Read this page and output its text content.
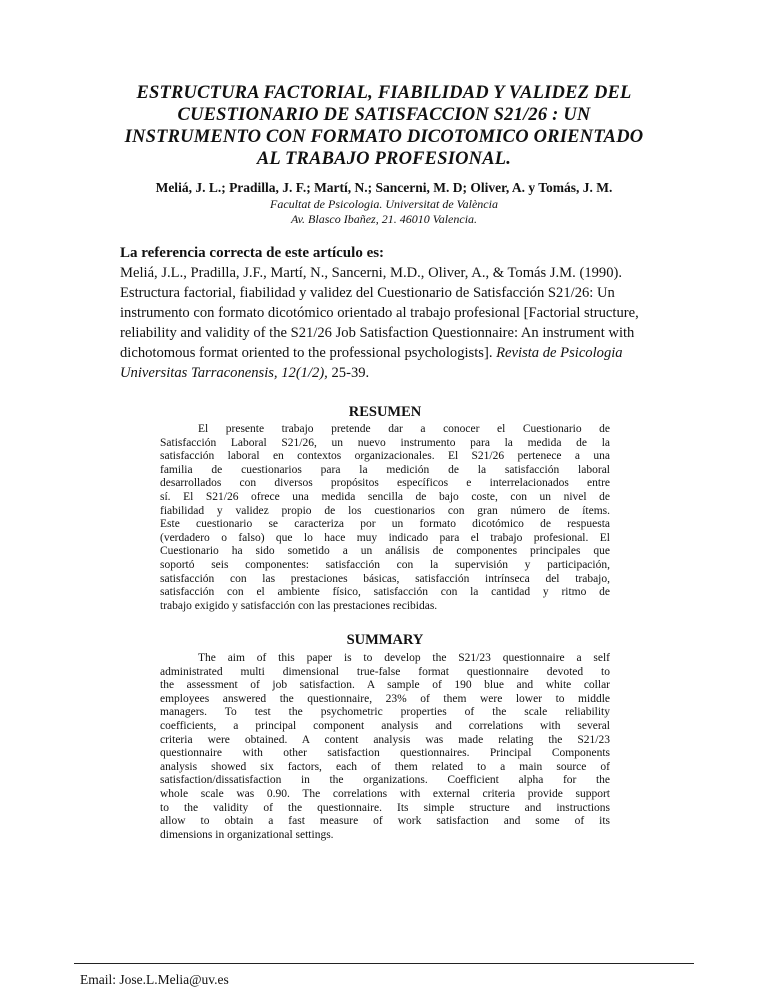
ESTRUCTURA FACTORIAL, FIABILIDAD Y VALIDEZ DEL
CUESTIONARIO DE SATISFACCION S21/26 : UN
INSTRUMENTO CON FORMATO DICOTOMICO ORIENTADO
AL TRABAJO PROFESIONAL.
Meliá, J. L.; Pradilla, J. F.; Martí, N.; Sancerni, M. D; Oliver, A. y Tomás, J. M.
Facultat de Psicologia. Universitat de València
Av. Blasco Ibañez, 21. 46010 Valencia.
La referencia correcta de este artículo es:
Meliá, J.L., Pradilla, J.F., Martí, N., Sancerni, M.D., Oliver, A., & Tomás J.M. (1990).
Estructura factorial, fiabilidad y validez del Cuestionario de Satisfacción S21/26: Un
instrumento con formato dicotómico orientado al trabajo profesional [Factorial structure,
reliability and validity of the S21/26 Job Satisfaction Questionnaire: An instrument with
dichotomous format oriented to the professional psychologists]. Revista de Psicologia
Universitas Tarraconensis, 12(1/2), 25-39.
RESUMEN
El presente trabajo pretende dar a conocer el Cuestionario de
Satisfacción Laboral S21/26, un nuevo instrumento para la medida de la
satisfacción laboral en contextos organizacionales. El S21/26 pertenece a una
familia de cuestionarios para la medición de la satisfacción laboral
desarrollados con diversos propósitos específicos e interrelacionados entre
sí. El S21/26 ofrece una medida sencilla de bajo coste, con un nivel de
fiabilidad y validez propio de los cuestionarios con gran número de ítems.
Este cuestionario se caracteriza por un formato dicotómico de respuesta
(verdadero o falso) que lo hace muy indicado para el trabajo profesional. El
Cuestionario ha sido sometido a un análisis de componentes principales que
soportó seis componentes: satisfacción con la supervisión y participación,
satisfacción con las prestaciones básicas, satisfacción intrínseca del trabajo,
satisfacción con el ambiente físico, satisfacción con la cantidad y ritmo de
trabajo exigido y satisfacción con las prestaciones recibidas.
SUMMARY
The aim of this paper is to develop the S21/23 questionnaire a self
administrated multi dimensional true-false format questionnaire devoted to
the assessment of job satisfaction. A sample of 190 blue and white collar
employees answered the questionnaire, 23% of them were lower to middle
managers. To test the psychometric properties of the scale reliability
coefficients, a principal component analysis and correlations with several
criteria were obtained. A content analysis was made relating the S21/23
questionnaire with other satisfaction questionnaires. Principal Components
analysis showed six factors, each of them related to a main source of
satisfaction/dissatisfaction in the organizations. Coefficient alpha for the
whole scale was 0.90. The correlations with external criteria provide support
to the validity of the questionnaire. Its simple structure and instructions
allow to obtain a fast measure of work satisfaction and some of its
dimensions in organizational settings.
Email: Jose.L.Melia@uv.es
